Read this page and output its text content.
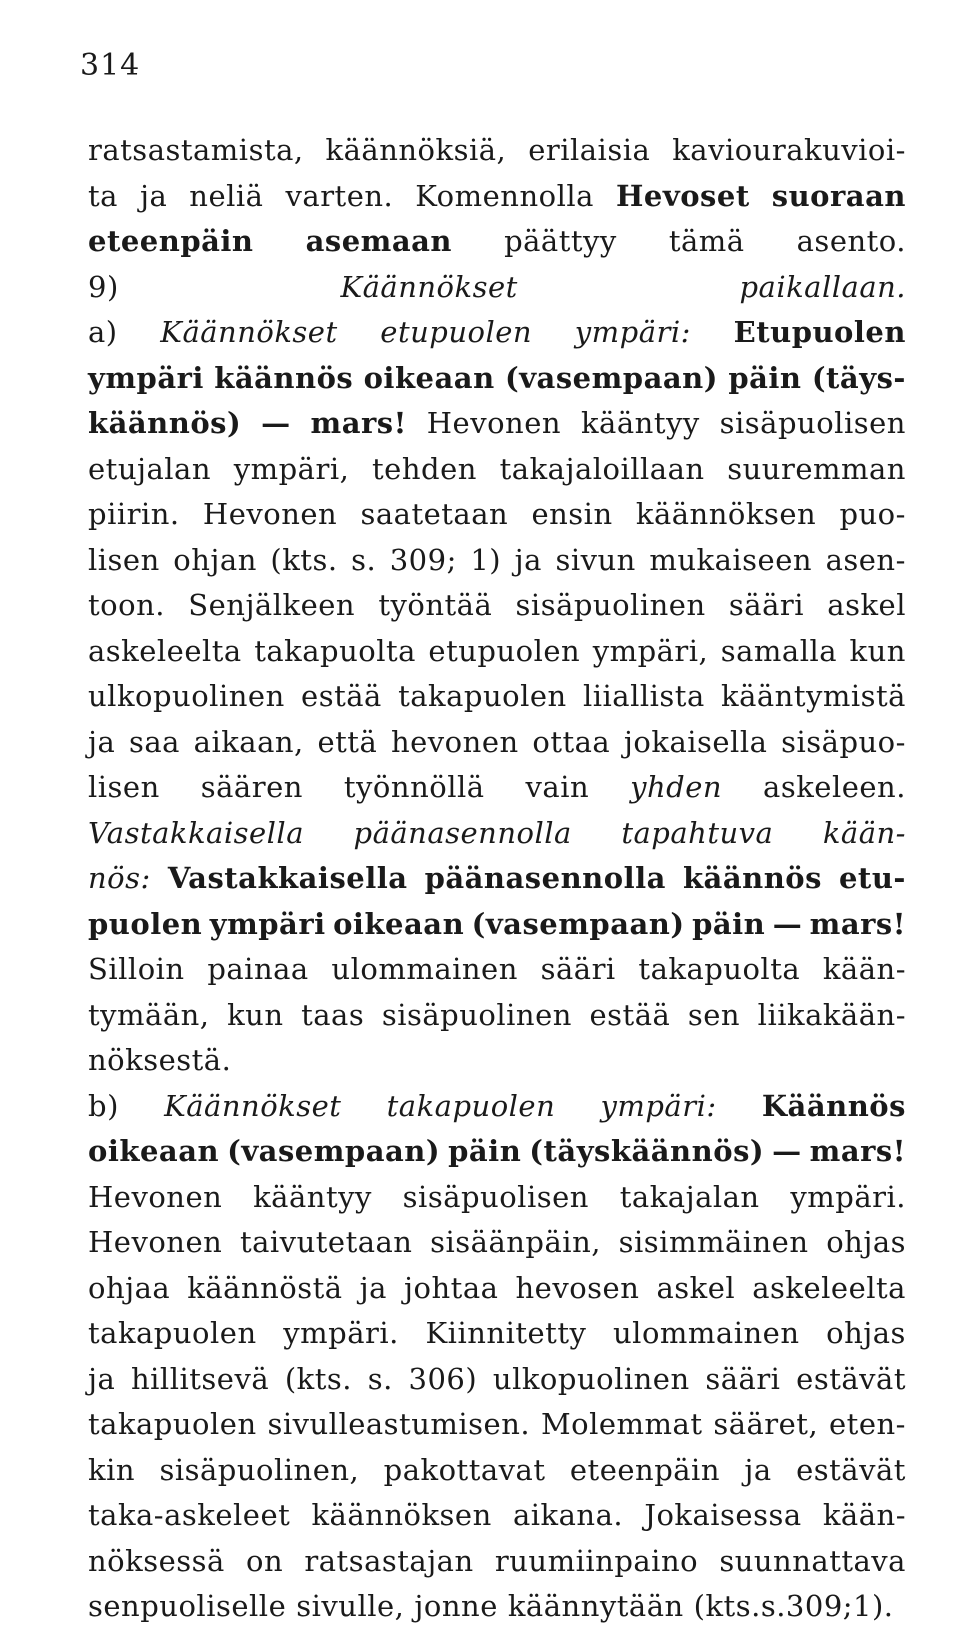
314
ratsastamista, käännöksiä, erilaisia kaviourakuvioi-
ta ja neliä varten. Komennolla Hevoset suoraan
eteenpäin asemaan päättyy tämä asento.
9)	Käännökset	paikallaan.
a) Käännökset etupuolen ympäri: Etupuolen
ympäri käännös oikeaan (vasempaan) päin (täys-
käännös) — mars! Hevonen kääntyy sisäpuolisen
etujalan ympäri, tehden takajaloillaan suuremman
piirin. Hevonen saatetaan ensin käännöksen puo-
lisen ohjan (kts. s. 309; 1) ja sivun mukaiseen asen-
toon. Senjälkeen työntää sisäpuolinen sääri askel
askeleelta takapuolta etupuolen ympäri, samalla kun
ulkopuolinen estää takapuolen liiallista kääntymistä
ja saa aikaan, että hevonen ottaa jokaisella sisäpuo-
lisen säären työnnöllä vain yhden askeleen.
Vastakkaisella päänasennolla tapahtuva kään-
nös: Vastakkaisella päänasennolla käännös etu-
puolen ympäri oikeaan (vasempaan) päin — mars!
Silloin painaa ulommainen sääri takapuolta kään-
tymään, kun taas sisäpuolinen estää sen liikakään-
nöksestä.
b) Käännökset takapuolen ympäri: Käännös
oikeaan (vasempaan) päin (täyskäännös) — mars!
Hevonen kääntyy sisäpuolisen takajalan ympäri.
Hevonen taivutetaan sisäänpäin, sisimmäinen ohjas
ohjaa käännöstä ja johtaa hevosen askel askeleelta
takapuolen ympäri. Kiinnitetty ulommainen ohjas
ja hillitsevä (kts. s. 306) ulkopuolinen sääri estävät
takapuolen sivulleastumisen. Molemmat sääret, eten-
kin sisäpuolinen, pakottavat eteenpäin ja estävät
taka-askeleet käännöksen aikana. Jokaisessa kään-
nöksessä on ratsastajan ruumiinpaino suunnattava
senpuoliselle sivulle, jonne käännytään (kts.s.309;1).
